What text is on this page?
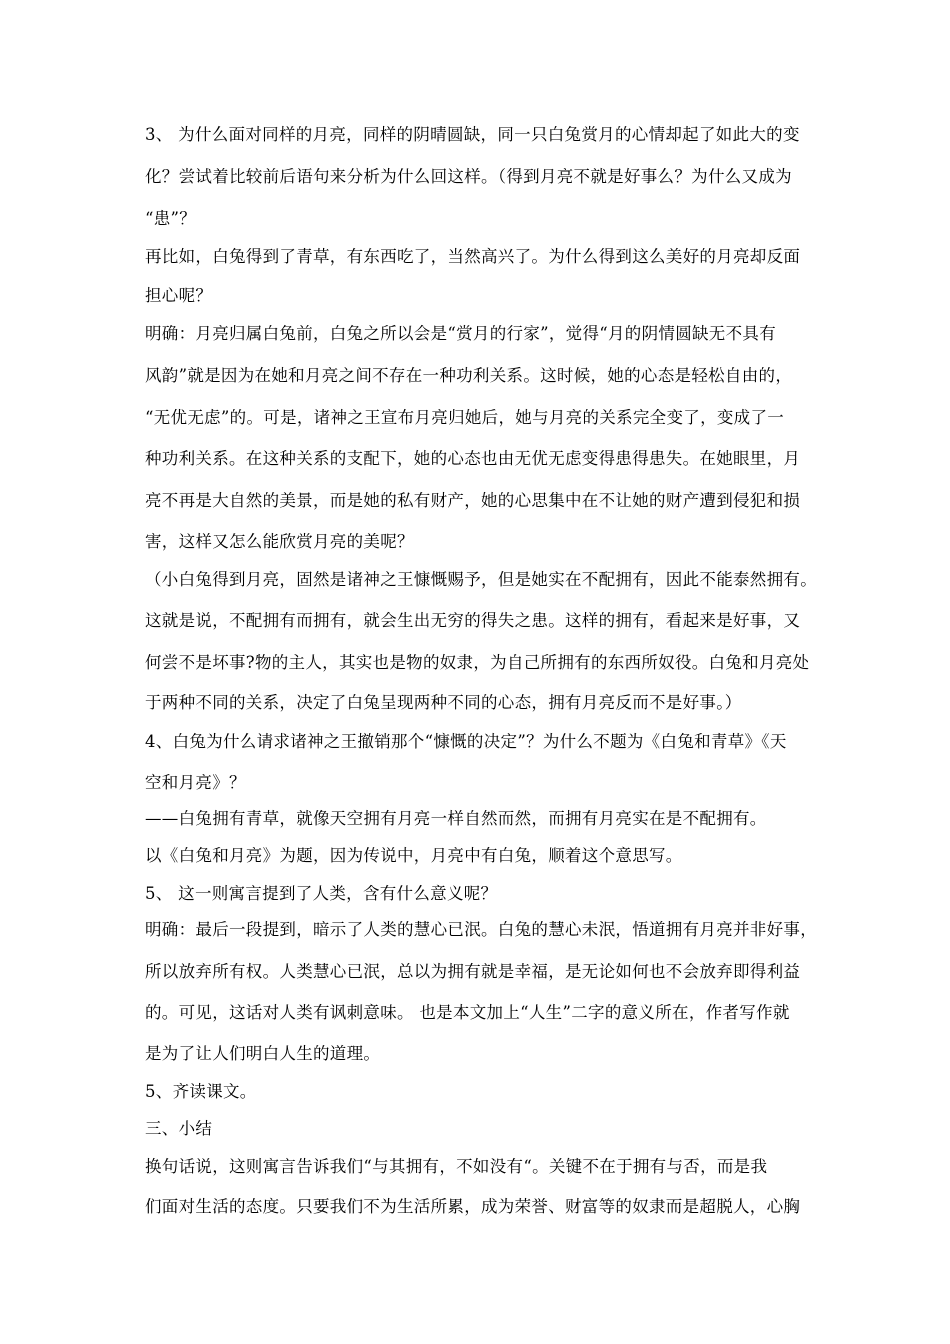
3、 为什么面对同样的月亮，同样的阴晴圆缺，同一只白兔赏月的心情却起了如此大的变
化？尝试着比较前后语句来分析为什么回这样。（得到月亮不就是好事么？为什么又成为
“患”？
再比如，白兔得到了青草，有东西吃了，当然高兴了。为什么得到这么美好的月亮却反面
担心呢？
明确：月亮归属白兔前，白兔之所以会是“赏月的行家”，觉得“月的阴情圆缺无不具有
风韵”就是因为在她和月亮之间不存在一种功利关系。这时候，她的心态是轻松自由的，
“无优无虑”的。可是，诸神之王宣布月亮归她后，她与月亮的关系完全变了，变成了一
种功利关系。在这种关系的支配下，她的心态也由无优无虑变得患得患失。在她眼里，月
亮不再是大自然的美景，而是她的私有财产，她的心思集中在不让她的财产遭到侵犯和损
害，这样又怎么能欣赏月亮的美呢？
（小白兔得到月亮，固然是诸神之王慷慨赐予，但是她实在不配拥有，因此不能泰然拥有。
这就是说，不配拥有而拥有，就会生出无穷的得失之患。这样的拥有，看起来是好事，又
何尝不是坏事?物的主人，其实也是物的奴隶，为自己所拥有的东西所奴役。白兔和月亮处
于两种不同的关系，决定了白兔呈现两种不同的心态，拥有月亮反而不是好事。）
4、白兔为什么请求诸神之王撤销那个“慷慨的决定”？为什么不题为《白兔和青草》《天
空和月亮》？
——白兔拥有青草，就像天空拥有月亮一样自然而然，而拥有月亮实在是不配拥有。
以《白兔和月亮》为题，因为传说中，月亮中有白兔，顺着这个意思写。
5、 这一则寓言提到了人类，含有什么意义呢？
明确：最后一段提到，暗示了人类的慧心已泯。白兔的慧心未泯，悟道拥有月亮并非好事，
所以放弃所有权。人类慧心已泯，总以为拥有就是幸福，是无论如何也不会放弃即得利益
的。可见，这话对人类有讽刺意味。 也是本文加上“人生”二字的意义所在，作者写作就
是为了让人们明白人生的道理。
5、齐读课文。
三、小结
换句话说，这则寓言告诉我们“与其拥有，不如没有“。关键不在于拥有与否，而是我
们面对生活的态度。只要我们不为生活所累，成为荣誉、财富等的奴隶而是超脱人，心胸
